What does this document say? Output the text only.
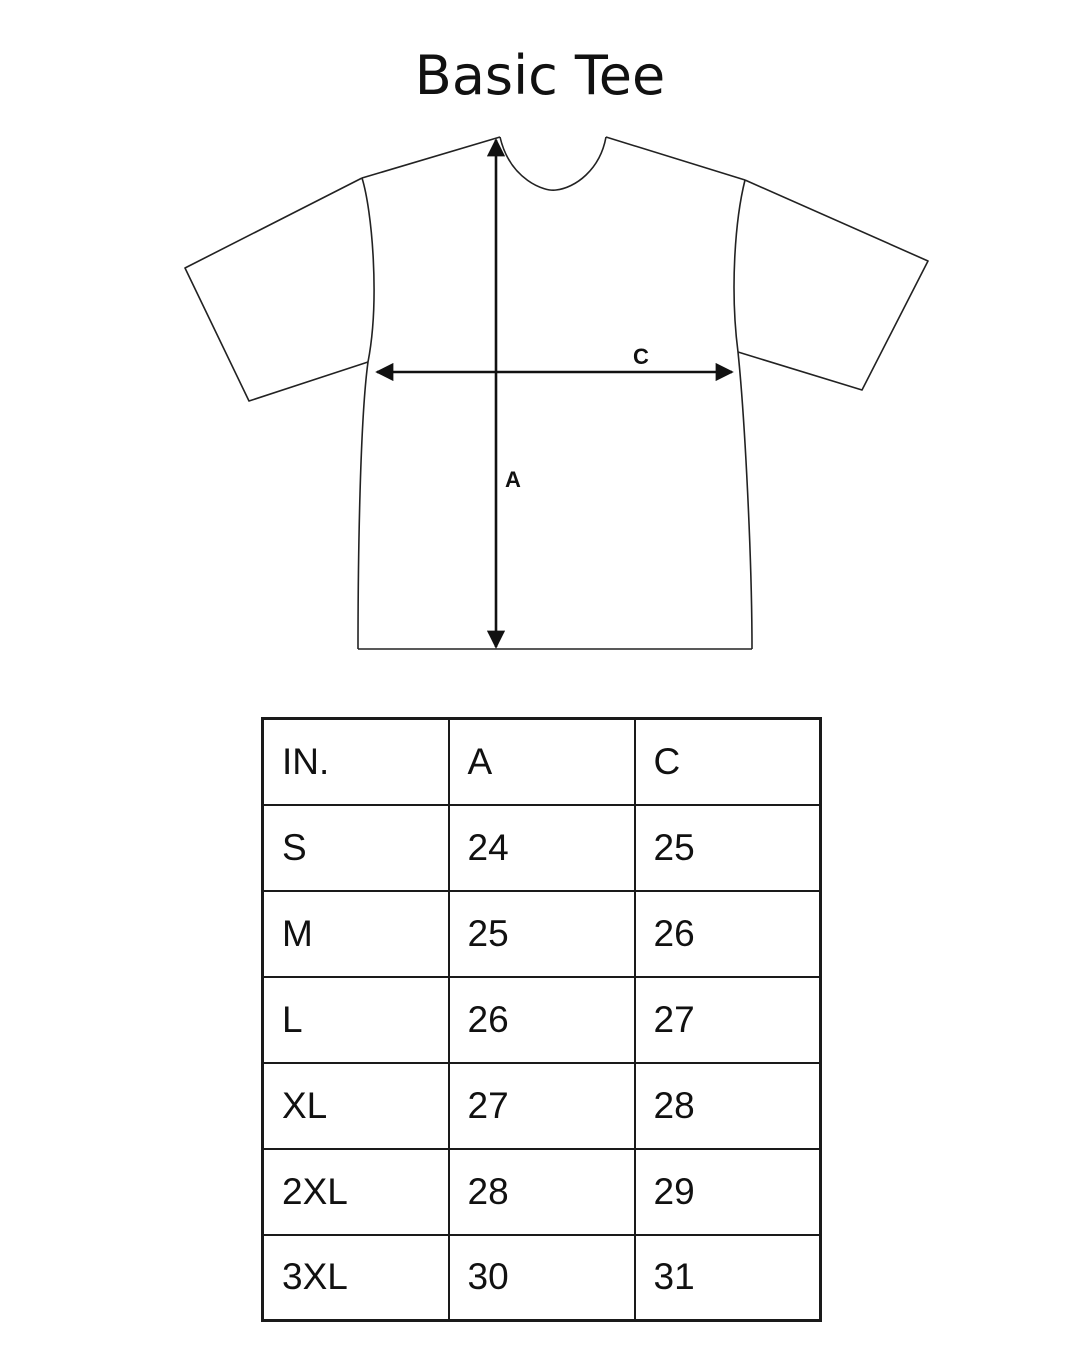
Basic Tee
A
C
IN.	A	C
S	24	25
M	25	26
L	26	27
XL	27	28
2XL	28	29
3XL	30	31
